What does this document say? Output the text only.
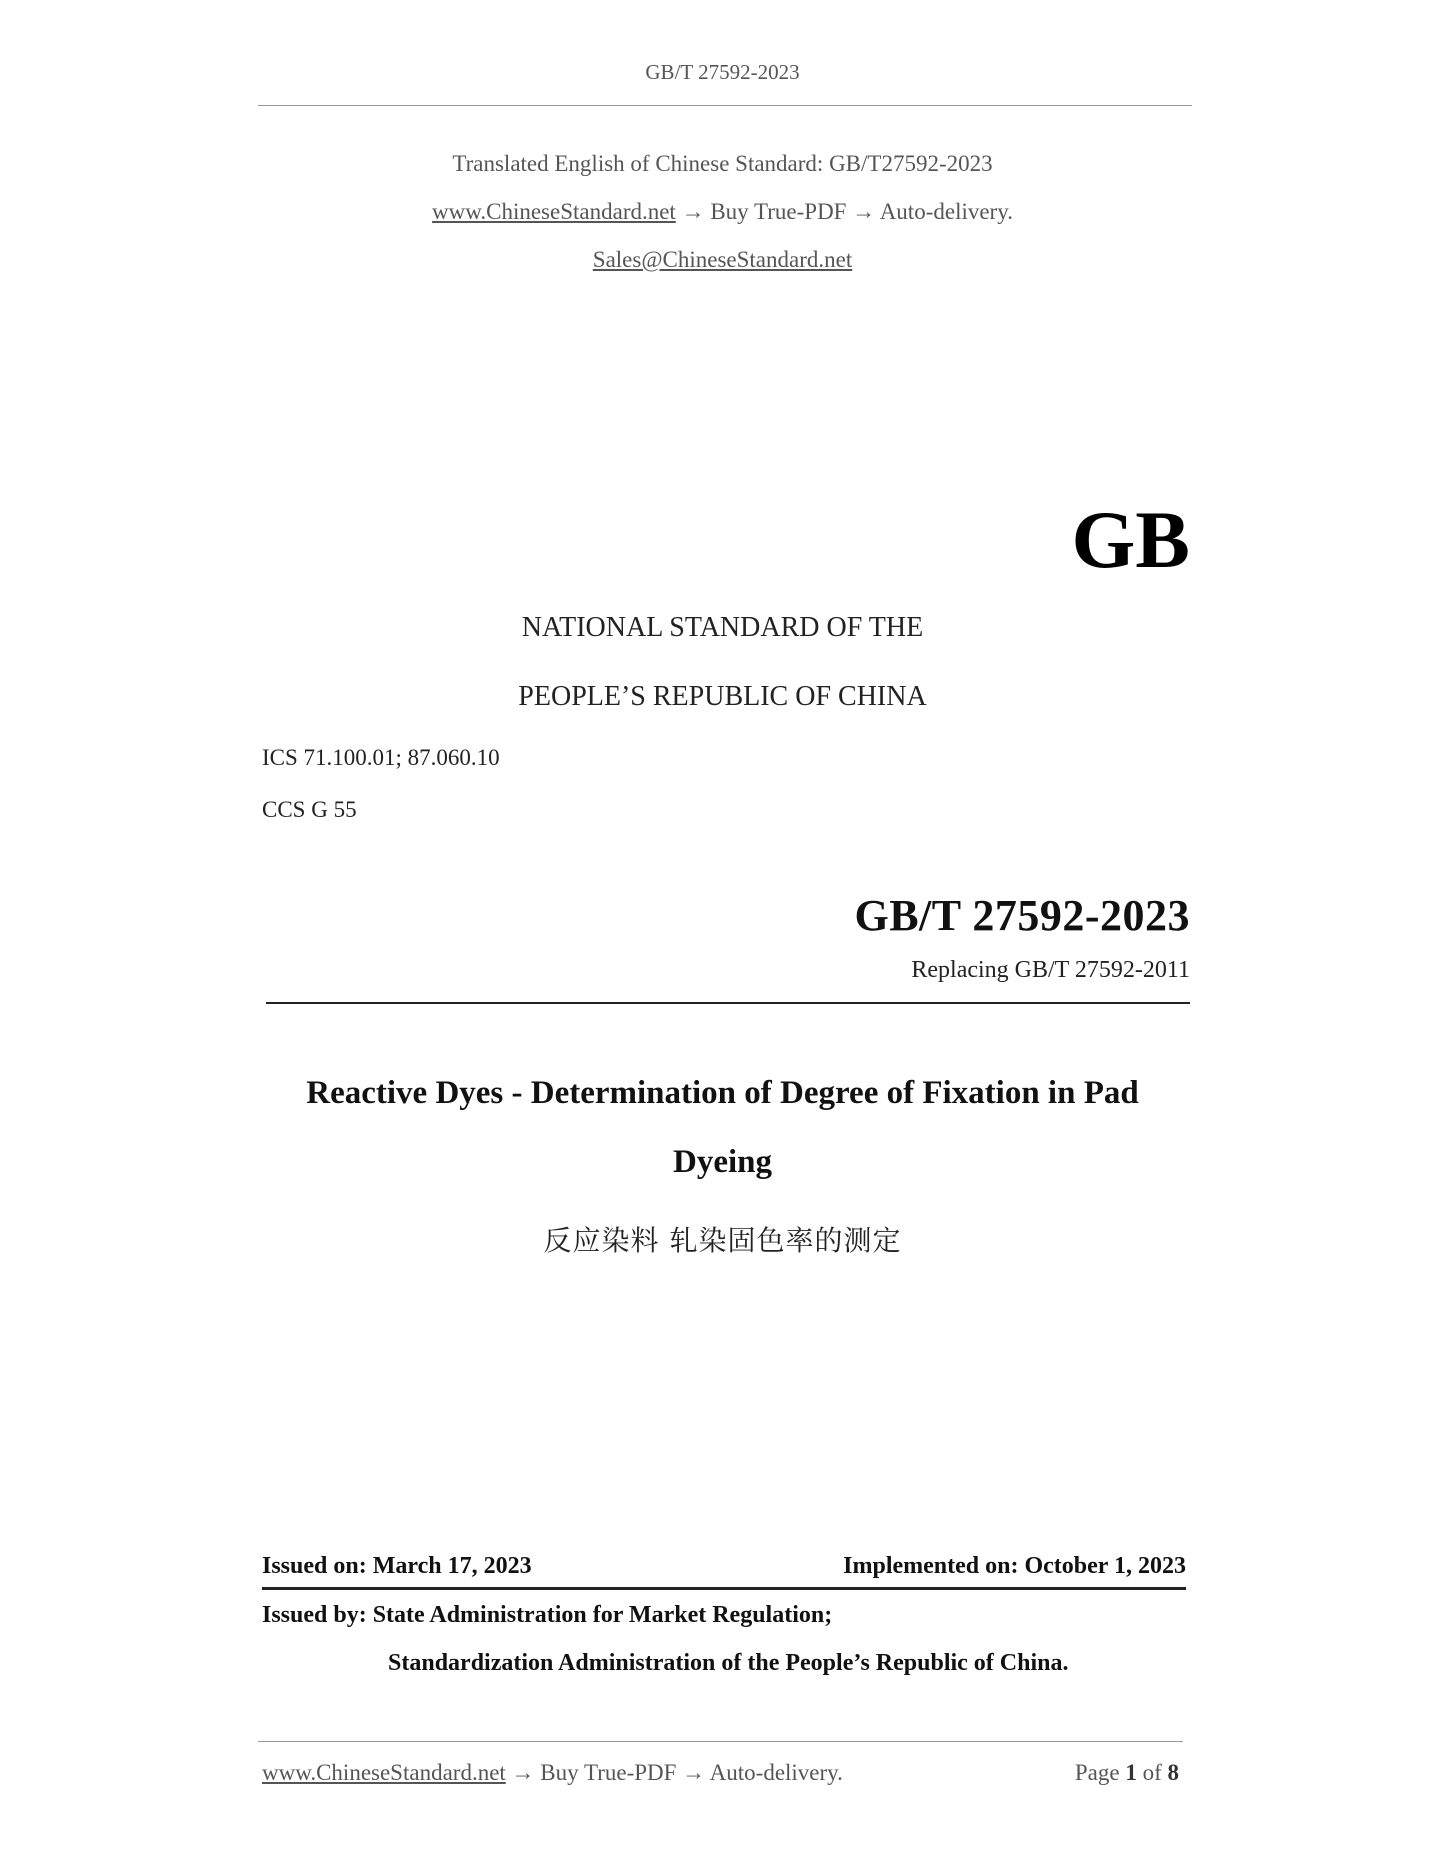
GB/T 27592-2023
Translated English of Chinese Standard: GB/T27592-2023
www.ChineseStandard.net → Buy True-PDF → Auto-delivery.
Sales@ChineseStandard.net
GB
NATIONAL STANDARD OF THE
PEOPLE’S REPUBLIC OF CHINA
ICS 71.100.01; 87.060.10
CCS G 55
GB/T 27592-2023
Replacing GB/T 27592-2011
Reactive Dyes - Determination of Degree of Fixation in Pad
Dyeing
反应染料 轧染固色率的测定
Issued on: March 17, 2023	Implemented on: October 1, 2023
Issued by: State Administration for Market Regulation;
Standardization Administration of the People’s Republic of China.
www.ChineseStandard.net → Buy True-PDF → Auto-delivery.	Page 1 of 8
